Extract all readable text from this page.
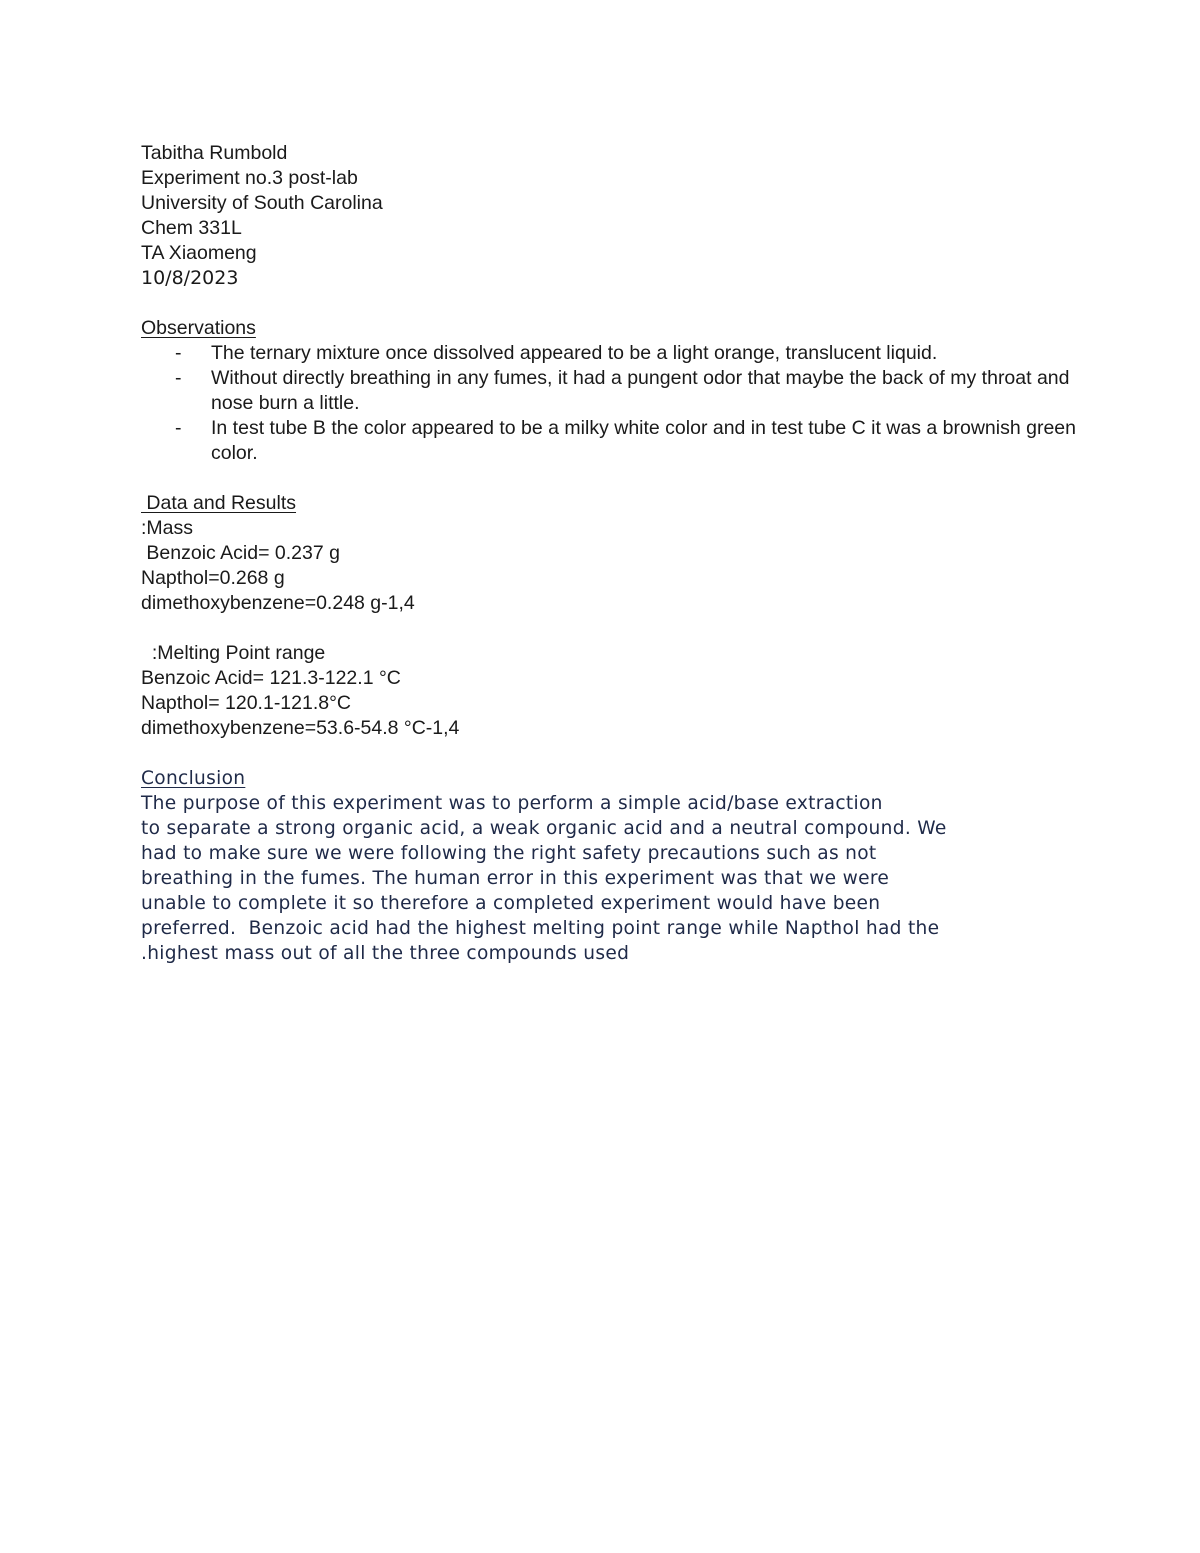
Tabitha Rumbold
Experiment no.3 post-lab
University of South Carolina
Chem 331L
TA Xiaomeng
10/8/2023
Observations
- The ternary mixture once dissolved appeared to be a light orange, translucent liquid.
- Without directly breathing in any fumes, it had a pungent odor that maybe the back of my throat and nose burn a little.
- In test tube B the color appeared to be a milky white color and in test tube C it was a brownish green color.
Data and Results
:Mass
Benzoic Acid= 0.237 g
Napthol=0.268 g
dimethoxybenzene=0.248 g-1,4
:Melting Point range
Benzoic Acid= 121.3-122.1 °C
Napthol= 120.1-121.8°C
dimethoxybenzene=53.6-54.8 °C-1,4
Conclusion
The purpose of this experiment was to perform a simple acid/base extraction
to separate a strong organic acid, a weak organic acid and a neutral compound. We
had to make sure we were following the right safety precautions such as not
breathing in the fumes. The human error in this experiment was that we were
unable to complete it so therefore a completed experiment would have been
preferred.  Benzoic acid had the highest melting point range while Napthol had the
.highest mass out of all the three compounds used
